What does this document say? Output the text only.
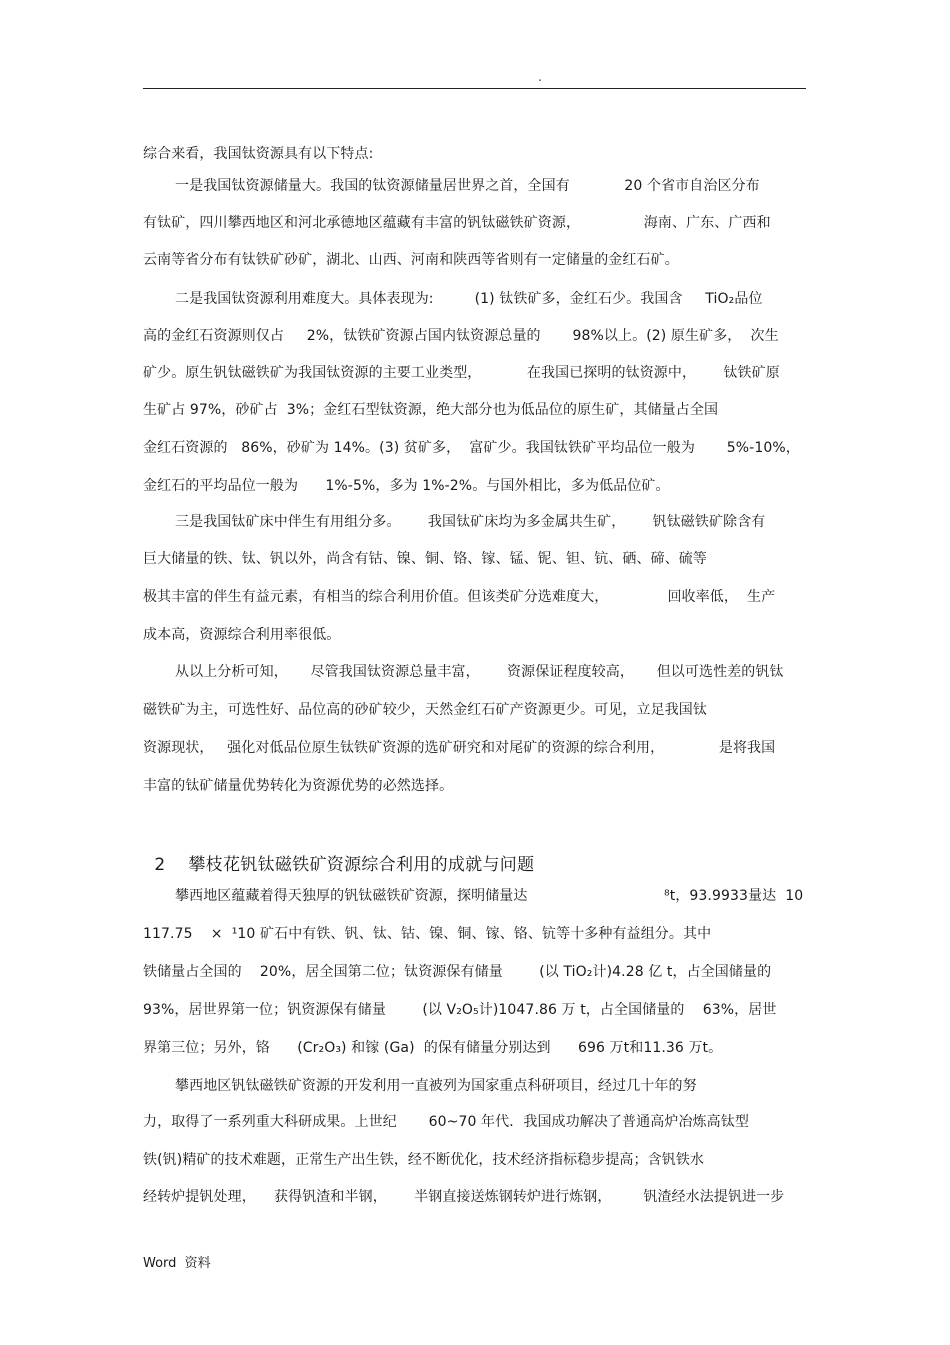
.
综合来看，我国钛资源具有以下特点:
一是我国钛资源储量大。我国的钛资源储量居世界之首，全国有            20 个省市自治区分布
有钛矿，四川攀西地区和河北承德地区蕴藏有丰富的钒钛磁铁矿资源，              海南、广东、广西和
云南等省分布有钛铁矿砂矿，湖北、山西、河南和陕西等省则有一定储量的金红石矿。
二是我国钛资源利用难度大。具体表现为:         (1) 钛铁矿多，金红石少。我国含     TiO₂品位
高的金红石资源则仅占     2%，钛铁矿资源占国内钛资源总量的       98%以上。(2) 原生矿多，  次生
矿少。原生钒钛磁铁矿为我国钛资源的主要工业类型，          在我国已探明的钛资源中，      钛铁矿原
生矿占 97%，砂矿占  3%；金红石型钛资源，绝大部分也为低品位的原生矿，其储量占全国
金红石资源的   86%，砂矿为 14%。(3) 贫矿多，  富矿少。我国钛铁矿平均品位一般为       5%-10%，
金红石的平均品位一般为      1%-5%，多为 1%-2%。与国外相比，多为低品位矿。
三是我国钛矿床中伴生有用组分多。      我国钛矿床均为多金属共生矿，      钒钛磁铁矿除含有
巨大储量的铁、钛、钒以外，尚含有钴、镍、铜、铬、镓、锰、铌、钽、钪、硒、碲、硫等
极其丰富的伴生有益元素，有相当的综合利用价值。但该类矿分选难度大，             回收率低，  生产
成本高，资源综合利用率很低。
从以上分析可知，     尽管我国钛资源总量丰富，      资源保证程度较高，     但以可选性差的钒钛
磁铁矿为主，可选性好、品位高的砂矿较少，天然金红石矿产资源更少。可见，立足我国钛
资源现状，   强化对低品位原生钛铁矿资源的选矿研究和对尾矿的资源的综合利用，            是将我国
丰富的钛矿储量优势转化为资源优势的必然选择。

2 攀枝花钒钛磁铁矿资源综合利用的成就与问题

攀西地区蕴藏着得天独厚的钒钛磁铁矿资源，探明储量达                              ⁸t，93.9933量达  10
117.75    ×  ¹10 矿石中有铁、钒、钛、钴、镍、铜、镓、铬、钪等十多种有益组分。其中
铁储量占全国的    20%，居全国第二位；钛资源保有储量        (以 TiO₂计)4.28 亿 t，占全国储量的
93%，居世界第一位；钒资源保有储量        (以 V₂O₅计)1047.86 万 t，占全国储量的    63%，居世
界第三位；另外，铬      (Cr₂O₃) 和镓 (Ga)  的保有储量分别达到      696 万t和11.36 万t。
攀西地区钒钛磁铁矿资源的开发利用一直被列为国家重点科研项目，经过几十年的努
力，取得了一系列重大科研成果。上世纪       60~70 年代．我国成功解决了普通高炉冶炼高钛型
铁(钒)精矿的技术难题，正常生产出生铁，经不断优化，技术经济指标稳步提高；含钒铁水
经转炉提钒处理，    获得钒渣和半钢，      半钢直接送炼钢转炉进行炼钢，       钒渣经水法提钒进一步
Word  资料
